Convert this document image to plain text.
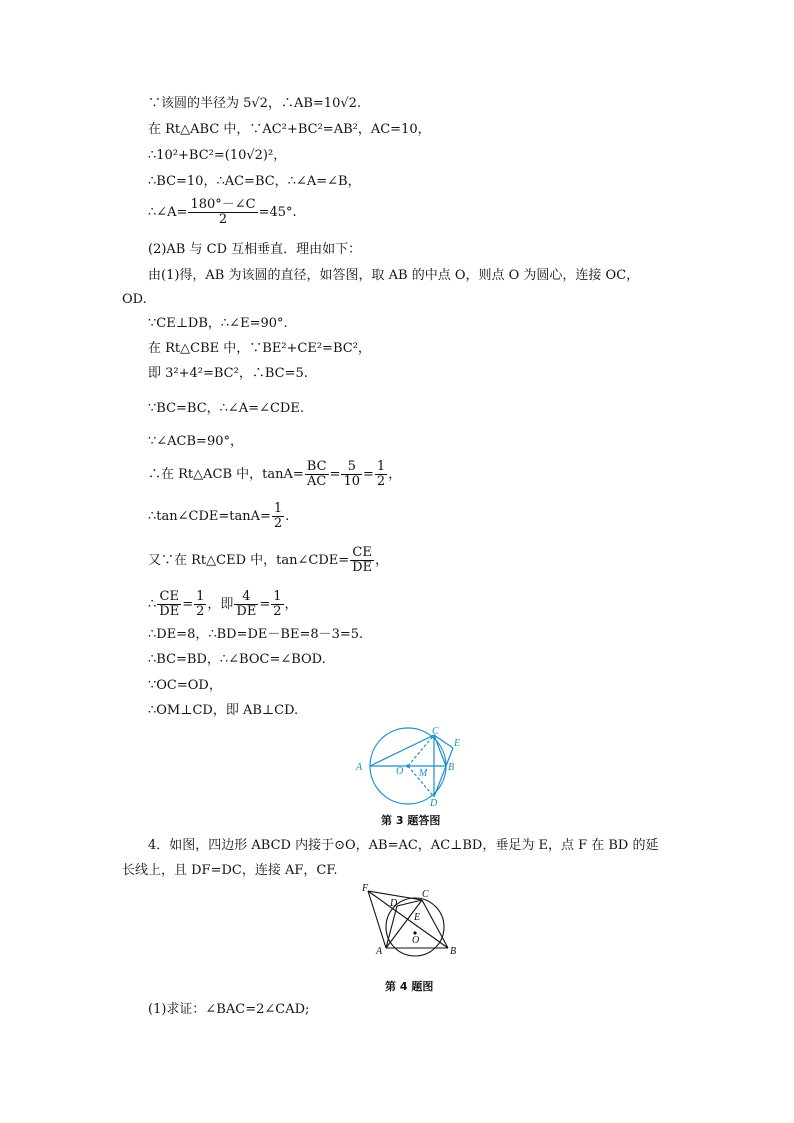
∵该圆的半径为 5√2，∴AB=10√2.
在 Rt△ABC 中，∵AC²+BC²=AB²，AC=10，
∴10²+BC²=(10√2)²，
∴BC=10，∴AC=BC，∴∠A=∠B，
∴∠A= $\frac{180^\circ-\angle C}{2} =45^\circ$.
(2)AB 与 CD 互相垂直．理由如下：
由(1)得，AB 为该圆的直径，如答图，取 AB 的中点 O，则点 O 为圆心，连接 OC，
OD.
∵CE⊥DB，∴∠E=90°.
在 Rt△CBE 中，∵BE²+CE²=BC²，
即 3²+4²=BC²，∴BC=5.
∵BC=BC，∴∠A=∠CDE.
∵∠ACB=90°，
∴在 Rt△ACB 中，$\tan A= \frac{BC}{AC} = \frac{5}{10} = \frac{1}{2}$ ，
∴tan∠CDE=tanA= $\frac{1}{2}$ .
又∵在 Rt△CED 中，tan∠CDE= $\frac{CE}{DE}$ ，
∴ $\frac{CE}{DE} = \frac{1}{2}$ ，即 $\frac{4}{DE} = \frac{1}{2}$ ，
∴DE=8，∴BD=DE－BE=8－3=5.
∴BC=BD，∴∠BOC=∠BOD.
∵OC=OD，
∴OM⊥CD，即 AB⊥CD.
A	B
C
D
E
O M
第 3 题答图
4．如图，四边形 ABCD 内接于⊙O，AB=AC，AC⊥BD，垂足为 E，点 F 在 BD 的延
长线上，且 DF=DC，连接 AF，CF.
F
C
D
E
O
A	B
第 4 题图
(1)求证：∠BAC=2∠CAD;
